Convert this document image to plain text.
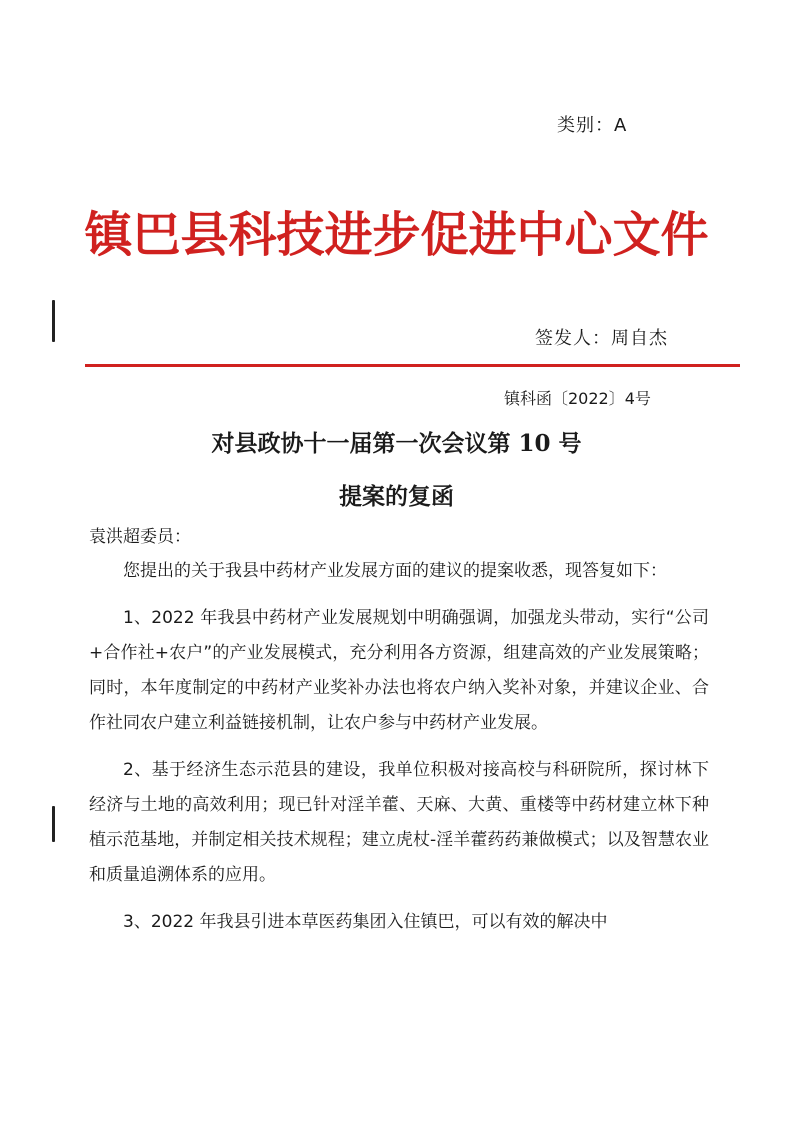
类别：A
镇巴县科技进步促进中心文件
签发人：周自杰
镇科函〔2022〕4号
对县政协十一届第一次会议第 10 号
提案的复函
袁洪超委员：

您提出的关于我县中药材产业发展方面的建议的提案收悉，现答复如下：

1、2022 年我县中药材产业发展规划中明确强调，加强龙头带动，实行“公司+合作社+农户”的产业发展模式，充分利用各方资源，组建高效的产业发展策略；同时，本年度制定的中药材产业奖补办法也将农户纳入奖补对象，并建议企业、合作社同农户建立利益链接机制，让农户参与中药材产业发展。

2、基于经济生态示范县的建设，我单位积极对接高校与科研院所，探讨林下经济与土地的高效利用；现已针对淫羊藿、天麻、大黄、重楼等中药材建立林下种植示范基地，并制定相关技术规程；建立虎杖-淫羊藿药药兼做模式；以及智慧农业和质量追溯体系的应用。

3、2022 年我县引进本草医药集团入住镇巴，可以有效的解决中
